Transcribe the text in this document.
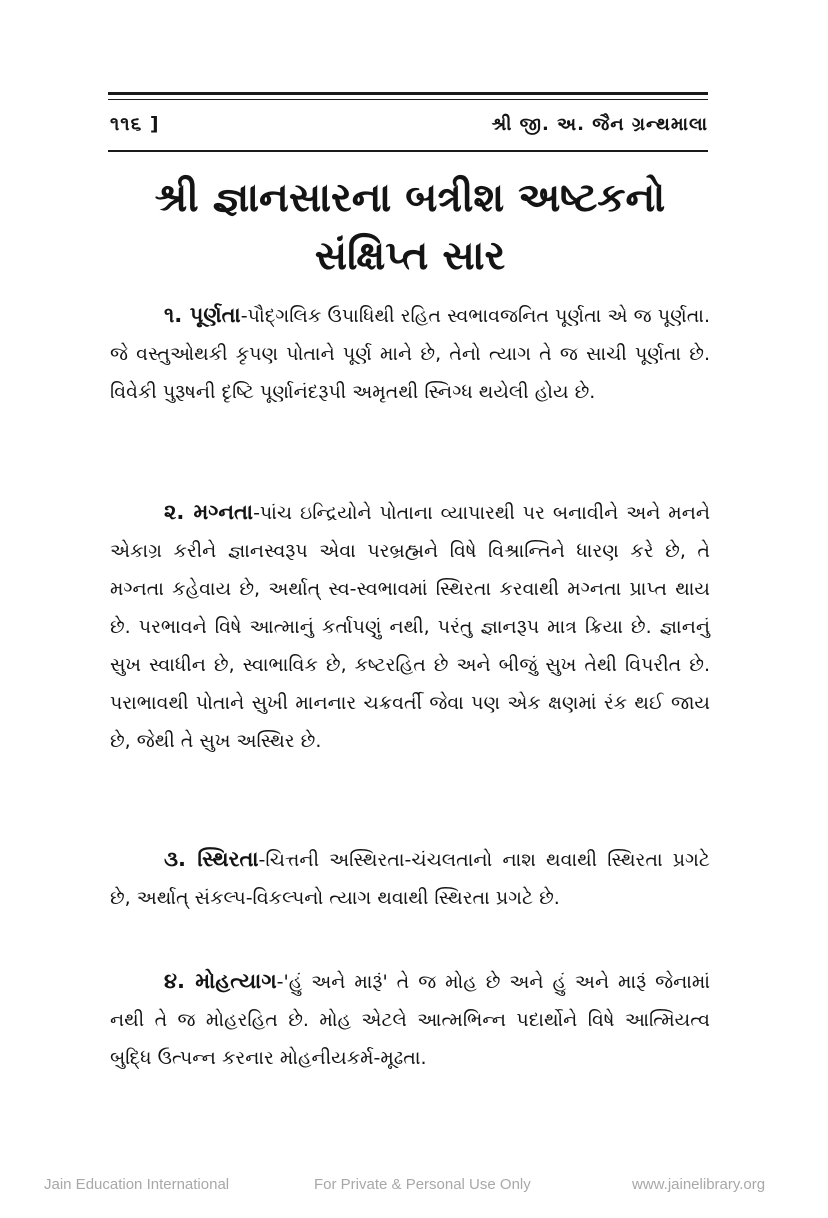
૧૧૬ ]	શ્રી જી. અ. જૈન ગ્રન્થમાલા
શ્રી જ્ઞાનસારના બત્રીશ અષ્ટકનો
સંક્ષિપ્ત સાર

૧. પૂર્ણતા-પૌદ્ગલિક ઉપાધિથી રહિત સ્વભાવજનિત પૂર્ણતા એ જ પૂર્ણતા. જે વસ્તુઓથકી કૃપણ પોતાને પૂર્ણ માને છે, તેનો ત્યાગ તે જ સાચી પૂર્ણતા છે. વિવેકી પુરૂષની દૃષ્ટિ પૂર્ણાનંદરૂપી અમૃતથી સ્નિગ્ધ થયેલી હોય છે.

૨. મગ્નતા-પાંચ ઇન્દ્રિયોને પોતાના વ્યાપારથી પર બનાવીને અને મનને એકાગ્ર કરીને જ્ઞાનસ્વરૂપ એવા પરબ્રહ્મને વિષે વિશ્રાન્તિને ધારણ કરે છે, તે મગ્નતા કહેવાય છે, અર્થાત્ સ્વ-સ્વભાવમાં સ્થિરતા કરવાથી મગ્નતા પ્રાપ્ત થાય છે. પરભાવને વિષે આત્માનું કર્તાપણું નથી, પરંતુ જ્ઞાનરૂપ માત્ર ક્રિયા છે. જ્ઞાનનું સુખ સ્વાધીન છે, સ્વાભાવિક છે, કષ્ટરહિત છે અને બીજું સુખ તેથી વિપરીત છે. પરાભાવથી પોતાને સુખી માનનાર ચક્રવર્તી જેવા પણ એક ક્ષણમાં રંક થઈ જાય છે, જેથી તે સુખ અસ્થિર છે.

૩. સ્થિરતા-ચિત્તની અસ્થિરતા-ચંચલતાનો નાશ થવાથી સ્થિરતા પ્રગટે છે, અર્થાત્ સંકલ્પ-વિકલ્પનો ત્યાગ થવાથી સ્થિરતા પ્રગટે છે.

૪. મોહત્યાગ-'હું અને મારૂં' તે જ મોહ છે અને હું અને મારૂં જેનામાં નથી તે જ મોહરહિત છે. મોહ એટલે આત્મભિન્ન પદાર્થોને વિષે આત્મિયત્વ બુદ્ધિ ઉત્પન્ન કરનાર મોહનીયકર્મ-મૂઢતા.

Jain Education International	For Private & Personal Use Only	www.jainelibrary.org
